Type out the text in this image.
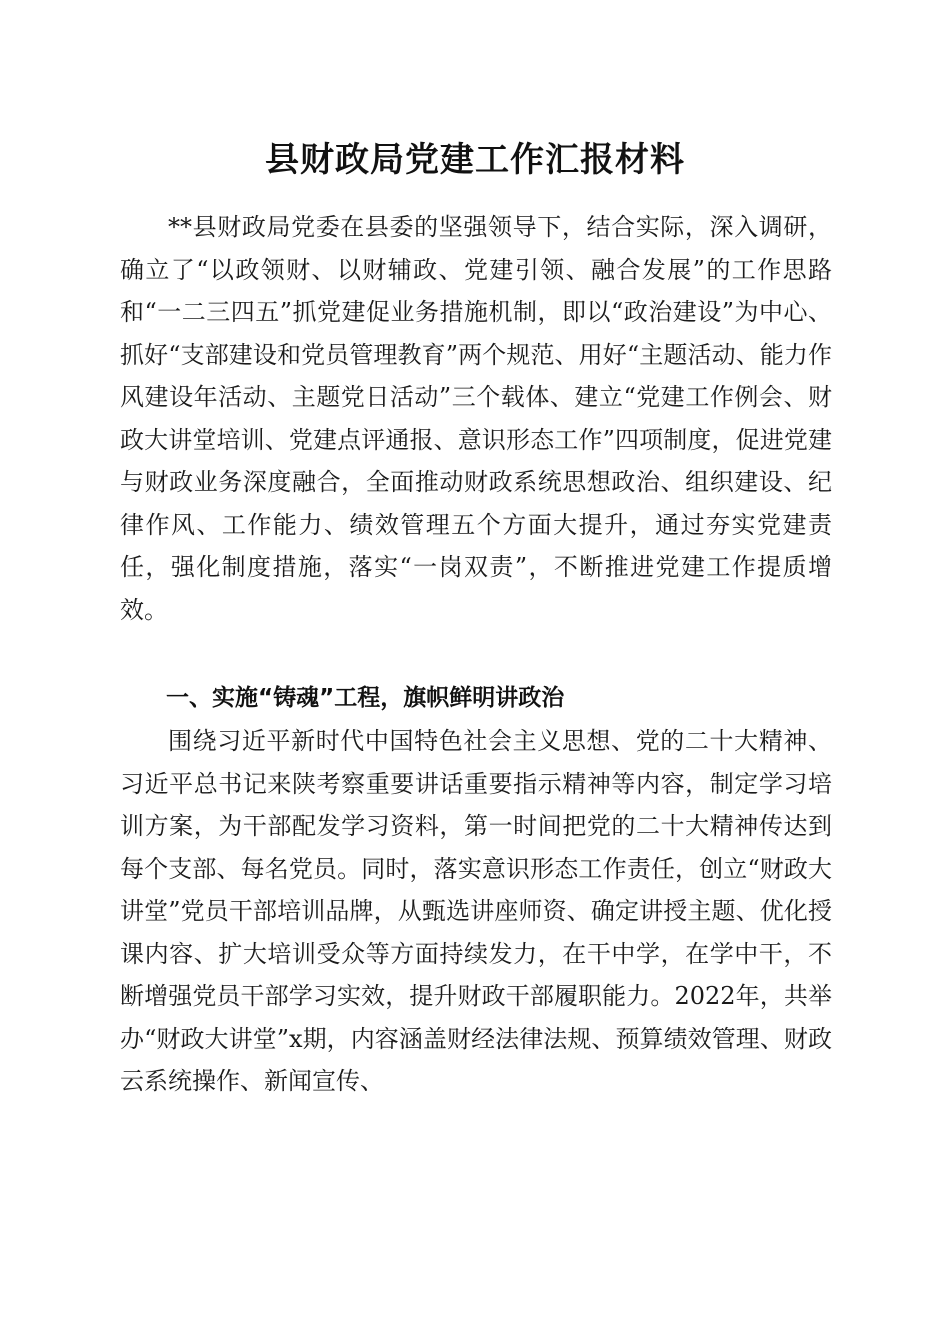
县财政局党建工作汇报材料

**县财政局党委在县委的坚强领导下，结合实际，深入调研，确立了“以政领财、以财辅政、党建引领、融合发展”的工作思路和“一二三四五”抓党建促业务措施机制，即以“政治建设”为中心、抓好“支部建设和党员管理教育”两个规范、用好“主题活动、能力作风建设年活动、主题党日活动”三个载体、建立“党建工作例会、财政大讲堂培训、党建点评通报、意识形态工作”四项制度，促进党建与财政业务深度融合，全面推动财政系统思想政治、组织建设、纪律作风、工作能力、绩效管理五个方面大提升，通过夯实党建责任，强化制度措施，落实“一岗双责”，不断推进党建工作提质增效。

一、实施“铸魂”工程，旗帜鲜明讲政治

围绕习近平新时代中国特色社会主义思想、党的二十大精神、习近平总书记来陕考察重要讲话重要指示精神等内容，制定学习培训方案，为干部配发学习资料，第一时间把党的二十大精神传达到每个支部、每名党员。同时，落实意识形态工作责任，创立“财政大讲堂”党员干部培训品牌，从甄选讲座师资、确定讲授主题、优化授课内容、扩大培训受众等方面持续发力，在干中学，在学中干，不断增强党员干部学习实效，提升财政干部履职能力。2022年，共举办“财政大讲堂”x期，内容涵盖财经法律法规、预算绩效管理、财政云系统操作、新闻宣传、
